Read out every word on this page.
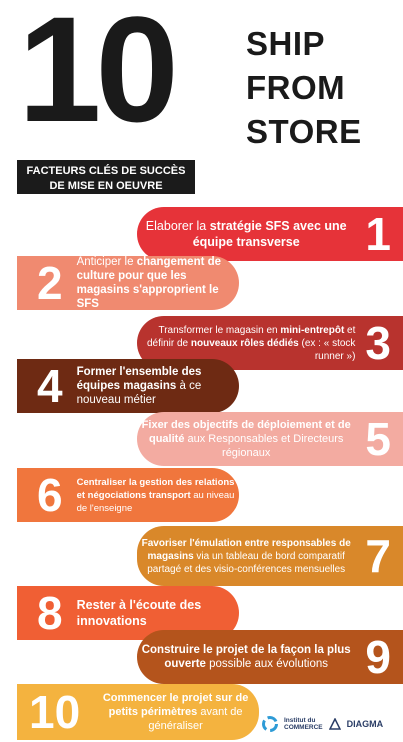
10 SHIP
FROM
STORE
FACTEURS CLÉS DE SUCCÈS
DE MISE EN OEUVRE
Elaborer la stratégie SFS avec une équipe transverse	1
2 Anticiper le changement de culture pour que les magasins s'approprient le SFS
Transformer le magasin en mini-entrepôt et définir de nouveaux rôles dédiés (ex : « stock runner ») 3
4 Former l'ensemble des équipes magasins à ce nouveau métier
Fixer des objectifs de déploiement et de qualité aux Responsables et Directeurs régionaux	5
6 Centraliser la gestion des relations et négociations transport au niveau de l'enseigne
Favoriser l'émulation entre responsables de magasins via un tableau de bord comparatif partagé et des visio-conférences mensuelles 7
8 Rester à l'écoute des innovations
Construire le projet de la façon la plus ouverte possible aux évolutions 9
10	Commencer le projet sur de petits périmètres avant de généraliser	Institut du
COMMERCE	DIAGMA
